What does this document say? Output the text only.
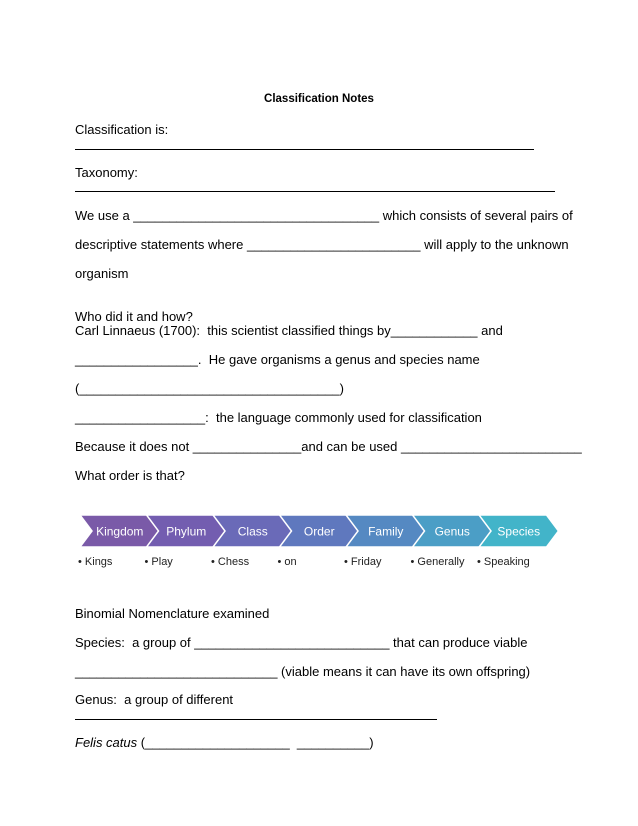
Classification Notes
Classification is:
Taxonomy:
We use a __________________________________ which consists of several pairs of
descriptive statements where ________________________ will apply to the unknown
organism
Who did it and how?
Carl Linnaeus (1700):  this scientist classified things by____________ and
_________________.  He gave organisms a genus and species name
(____________________________________)
__________________:  the language commonly used for classification
Because it does not _______________and can be used _________________________
What order is that?
Kingdom
• Kings
Phylum
• Play
Class
• Chess
Order
• on
Family
• Friday
Genus
• Generally
Species
• Speaking
Binomial Nomenclature examined
Species:  a group of ___________________________ that can produce viable
____________________________ (viable means it can have its own offspring)
Genus:  a group of different
Felis catus (____________________  __________)
